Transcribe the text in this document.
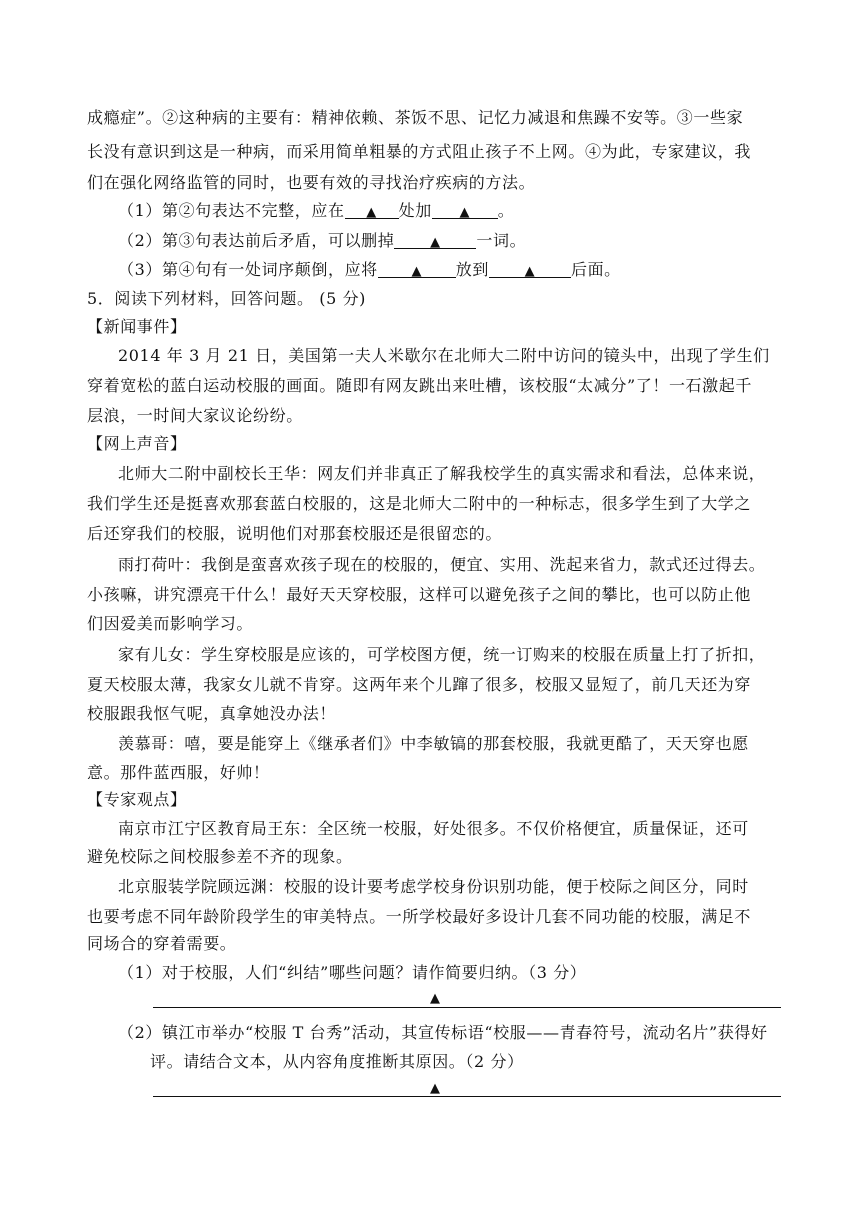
成瘾症”。②这种病的主要有：精神依赖、茶饭不思、记忆力减退和焦躁不安等。③一些家
长没有意识到这是一种病，而采用简单粗暴的方式阻止孩子不上网。④为此，专家建议，我
们在强化网络监管的同时，也要有效的寻找治疗疾病的方法。
（1）第②句表达不完整，应在 ▲ 处加 ▲ 。
（2）第③句表达前后矛盾，可以删掉	▲ 一词。
（3）第④句有一处词序颠倒，应将	▲ 放到	▲ 后面。
5．阅读下列材料，回答问题。 (5 分)
【新闻事件】
2014 年 3 月 21 日，美国第一夫人米歇尔在北师大二附中访问的镜头中，出现了学生们
穿着宽松的蓝白运动校服的画面。随即有网友跳出来吐槽，该校服“太减分”了！一石激起千
层浪，一时间大家议论纷纷。
【网上声音】
北师大二附中副校长王华：网友们并非真正了解我校学生的真实需求和看法，总体来说，
我们学生还是挺喜欢那套蓝白校服的，这是北师大二附中的一种标志，很多学生到了大学之
后还穿我们的校服，说明他们对那套校服还是很留恋的。
雨打荷叶：我倒是蛮喜欢孩子现在的校服的，便宜、实用、洗起来省力，款式还过得去。
小孩嘛，讲究漂亮干什么！最好天天穿校服，这样可以避免孩子之间的攀比，也可以防止他
们因爱美而影响学习。
家有儿女：学生穿校服是应该的，可学校图方便，统一订购来的校服在质量上打了折扣，
夏天校服太薄，我家女儿就不肯穿。这两年来个儿蹿了很多，校服又显短了，前几天还为穿
校服跟我怄气呢，真拿她没办法！
羡慕哥：嘻，要是能穿上《继承者们》中李敏镐的那套校服，我就更酷了，天天穿也愿
意。那件蓝西服，好帅！
【专家观点】
南京市江宁区教育局王东：全区统一校服，好处很多。不仅价格便宜，质量保证，还可
避免校际之间校服参差不齐的现象。
北京服装学院顾远渊：校服的设计要考虑学校身份识别功能，便于校际之间区分，同时
也要考虑不同年龄阶段学生的审美特点。一所学校最好多设计几套不同功能的校服，满足不
同场合的穿着需要。
（1）对于校服，人们“纠结”哪些问题？请作简要归纳。（3 分）
▲
（2）镇江市举办“校服 T 台秀”活动，其宣传标语“校服——青春符号，流动名片”获得好
评。请结合文本，从内容角度推断其原因。（2 分）
▲
